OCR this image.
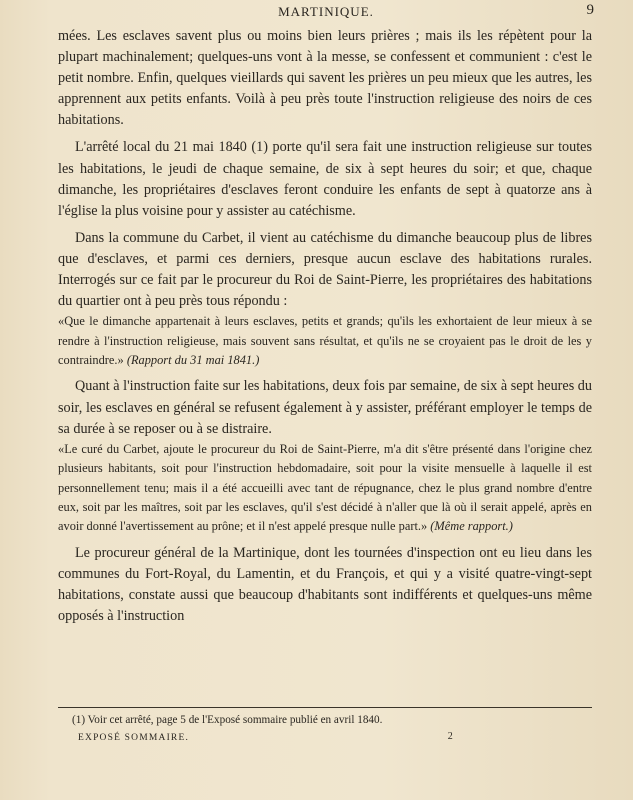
MARTINIQUE.	9

mées. Les esclaves savent plus ou moins bien leurs prières ; mais ils les répètent pour la plupart machinalement; quelques-uns vont à la messe, se confessent et communient : c'est le petit nombre. Enfin, quelques vieillards qui savent les prières un peu mieux que les autres, les apprennent aux petits enfants. Voilà à peu près toute l'instruction religieuse des noirs de ces habitations.

L'arrêté local du 21 mai 1840 (1) porte qu'il sera fait une instruction religieuse sur toutes les habitations, le jeudi de chaque semaine, de six à sept heures du soir; et que, chaque dimanche, les propriétaires d'esclaves feront conduire les enfants de sept à quatorze ans à l'église la plus voisine pour y assister au catéchisme.

Dans la commune du Carbet, il vient au catéchisme du dimanche beaucoup plus de libres que d'esclaves, et parmi ces derniers, presque aucun esclave des habitations rurales. Interrogés sur ce fait par le procureur du Roi de Saint-Pierre, les propriétaires des habitations du quartier ont à peu près tous répondu :

«Que le dimanche appartenait à leurs esclaves, petits et grands; qu'ils les exhortaient de leur mieux à se rendre à l'instruction religieuse, mais souvent sans résultat, et qu'ils ne se croyaient pas le droit de les y contraindre.» (Rapport du 31 mai 1841.)

Quant à l'instruction faite sur les habitations, deux fois par semaine, de six à sept heures du soir, les esclaves en général se refusent également à y assister, préférant employer le temps de sa durée à se reposer ou à se distraire.

«Le curé du Carbet, ajoute le procureur du Roi de Saint-Pierre, m'a dit s'être présenté dans l'origine chez plusieurs habitants, soit pour l'instruction hebdomadaire, soit pour la visite mensuelle à laquelle il est personnellement tenu; mais il a été accueilli avec tant de répugnance, chez le plus grand nombre d'entre eux, soit par les maîtres, soit par les esclaves, qu'il s'est décidé à n'aller que là où il serait appelé, après en avoir donné l'avertissement au prône; et il n'est appelé presque nulle part.» (Même rapport.)

Le procureur général de la Martinique, dont les tournées d'inspection ont eu lieu dans les communes du Fort-Royal, du Lamentin, et du François, et qui y a visité quatre-vingt-sept habitations, constate aussi que beaucoup d'habitants sont indifférents et quelques-uns même opposés à l'instruction

(1) Voir cet arrêté, page 5 de l'Exposé sommaire publié en avril 1840.
EXPOSÉ SOMMAIRE.	2
